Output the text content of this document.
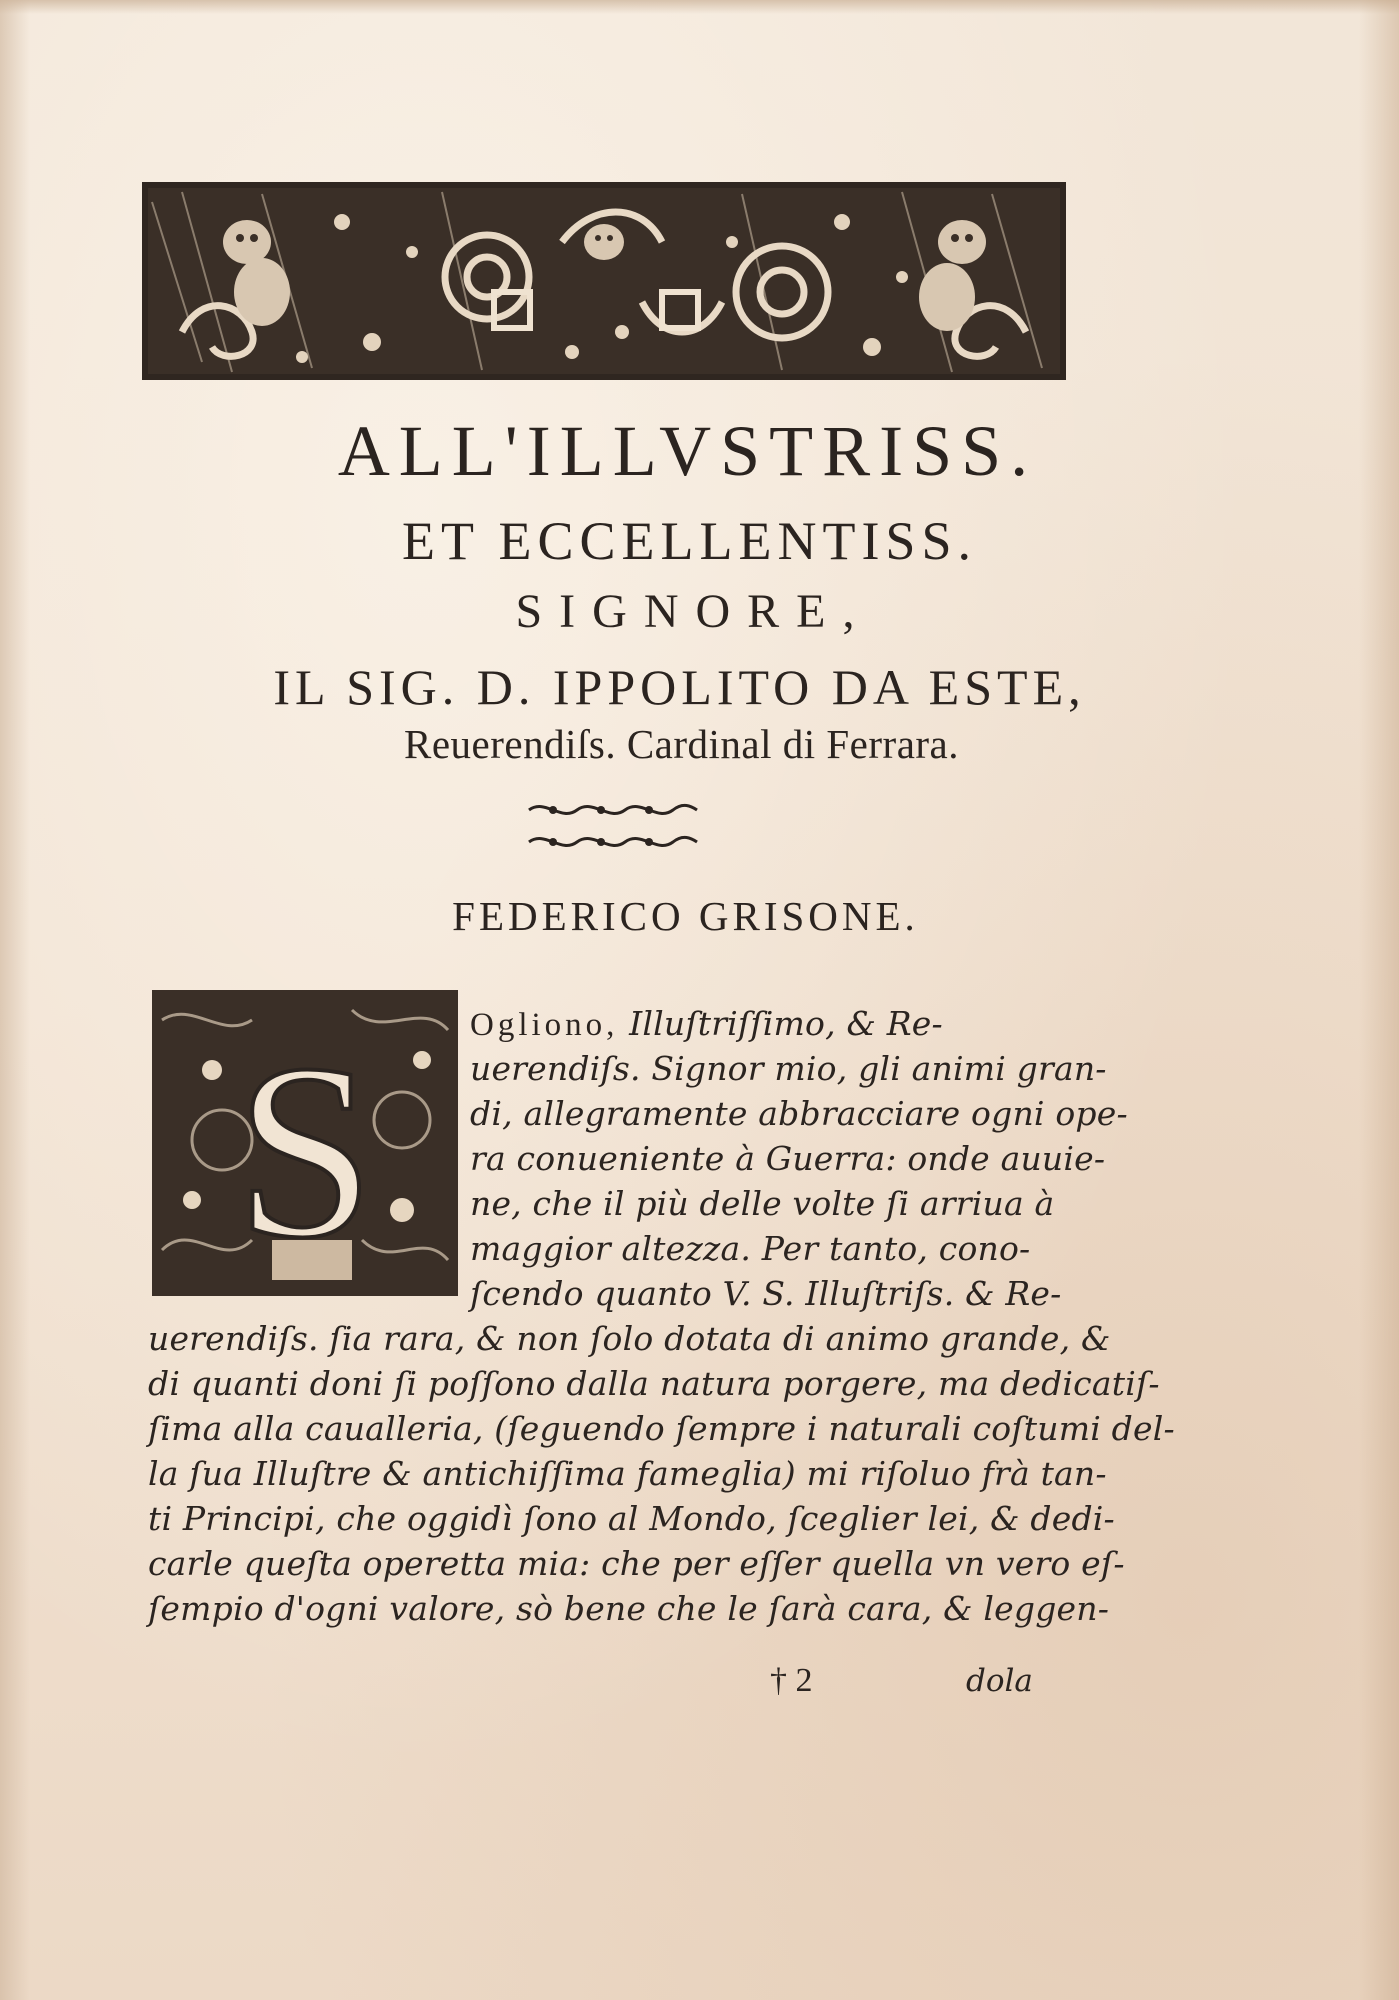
ALL'ILLVSTRISS.
ET ECCELLENTISS.
SIGNORE,
IL SIG. D. IPPOLITO DA ESTE,
Reuerendiſs. Cardinal di Ferrara.
FEDERICO GRISONE.
S	Ogliono, Illuſtriſſimo, & Re-
uerendiſs. Signor mio, gli animi gran-
di, allegramente abbracciare ogni ope-
ra conueniente à Guerra: onde auuie-
ne, che il più delle volte ſi arriua à
maggior altezza. Per tanto, cono-
ſcendo quanto V. S. Illuſtriſs. & Re-
uerendiſs. ſia rara, & non ſolo dotata di animo grande, &
di quanti doni ſi poſſono dalla natura porgere, ma dedicatiſ-
ſima alla caualleria, (ſeguendo ſempre i naturali coſtumi del-
la ſua Illuſtre & antichiſſima fameglia) mi riſoluo frà tan-
ti Principi, che oggidì ſono al Mondo, ſceglier lei, & dedi-
carle queſta operetta mia: che per eſſer quella vn vero eſ-
ſempio d'ogni valore, sò bene che le ſarà cara, & leggen-
† 2	dola
